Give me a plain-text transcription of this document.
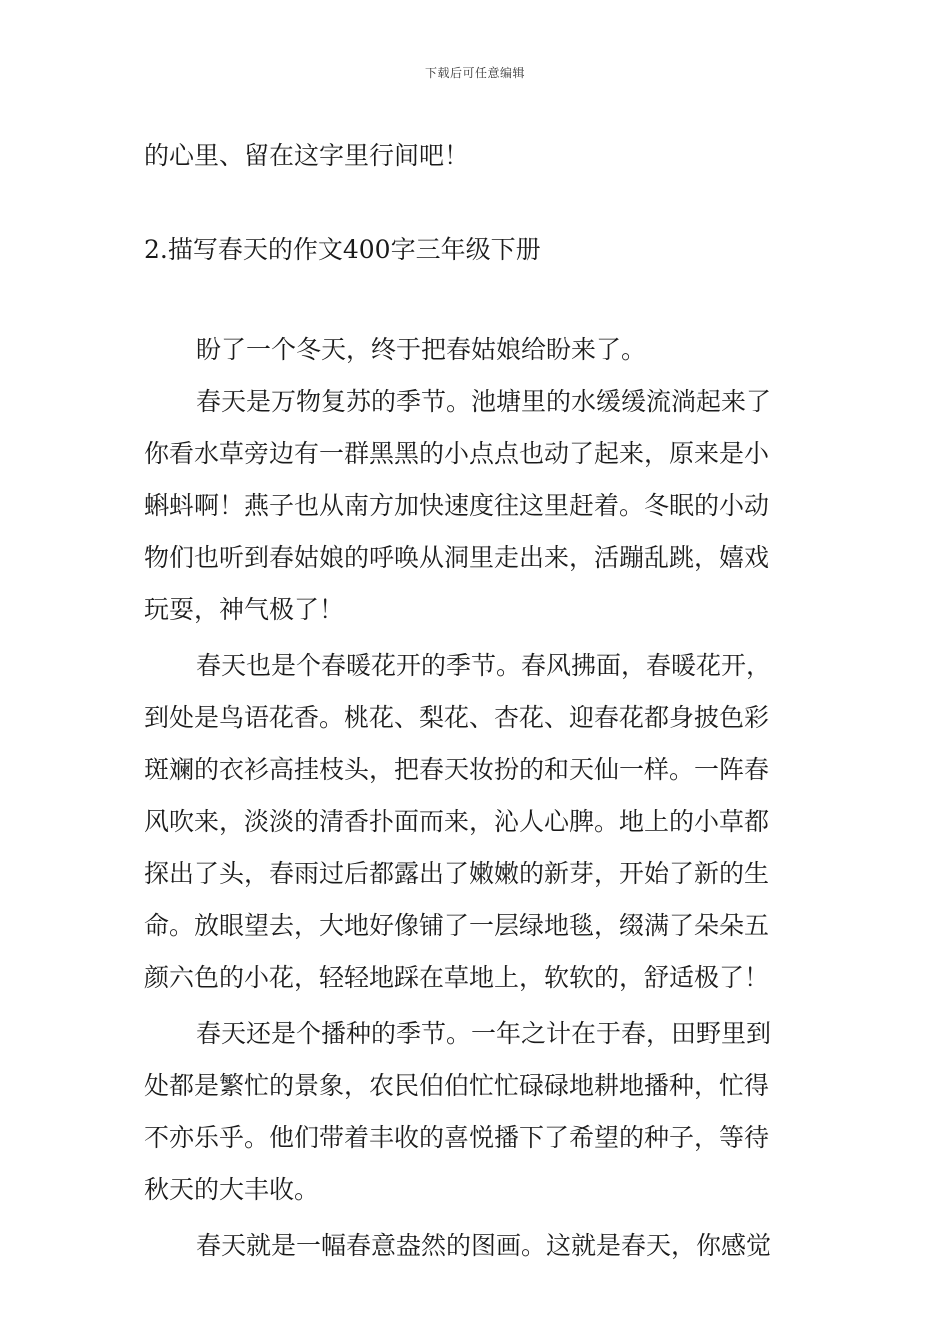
下载后可任意编辑
的心里、留在这字里行间吧！
2.描写春天的作文400字三年级下册
盼了一个冬天，终于把春姑娘给盼来了。
春天是万物复苏的季节。池塘里的水缓缓流淌起来了
你看水草旁边有一群黑黑的小点点也动了起来，原来是小
蝌蚪啊！燕子也从南方加快速度往这里赶着。冬眠的小动
物们也听到春姑娘的呼唤从洞里走出来，活蹦乱跳，嬉戏
玩耍，神气极了！
春天也是个春暖花开的季节。春风拂面，春暖花开，
到处是鸟语花香。桃花、梨花、杏花、迎春花都身披色彩
斑斓的衣衫高挂枝头，把春天妆扮的和天仙一样。一阵春
风吹来，淡淡的清香扑面而来，沁人心脾。地上的小草都
探出了头，春雨过后都露出了嫩嫩的新芽，开始了新的生
命。放眼望去，大地好像铺了一层绿地毯，缀满了朵朵五
颜六色的小花，轻轻地踩在草地上，软软的，舒适极了！
春天还是个播种的季节。一年之计在于春，田野里到
处都是繁忙的景象，农民伯伯忙忙碌碌地耕地播种，忙得
不亦乐乎。他们带着丰收的喜悦播下了希望的种子，等待
秋天的大丰收。
春天就是一幅春意盎然的图画。这就是春天，你感觉
